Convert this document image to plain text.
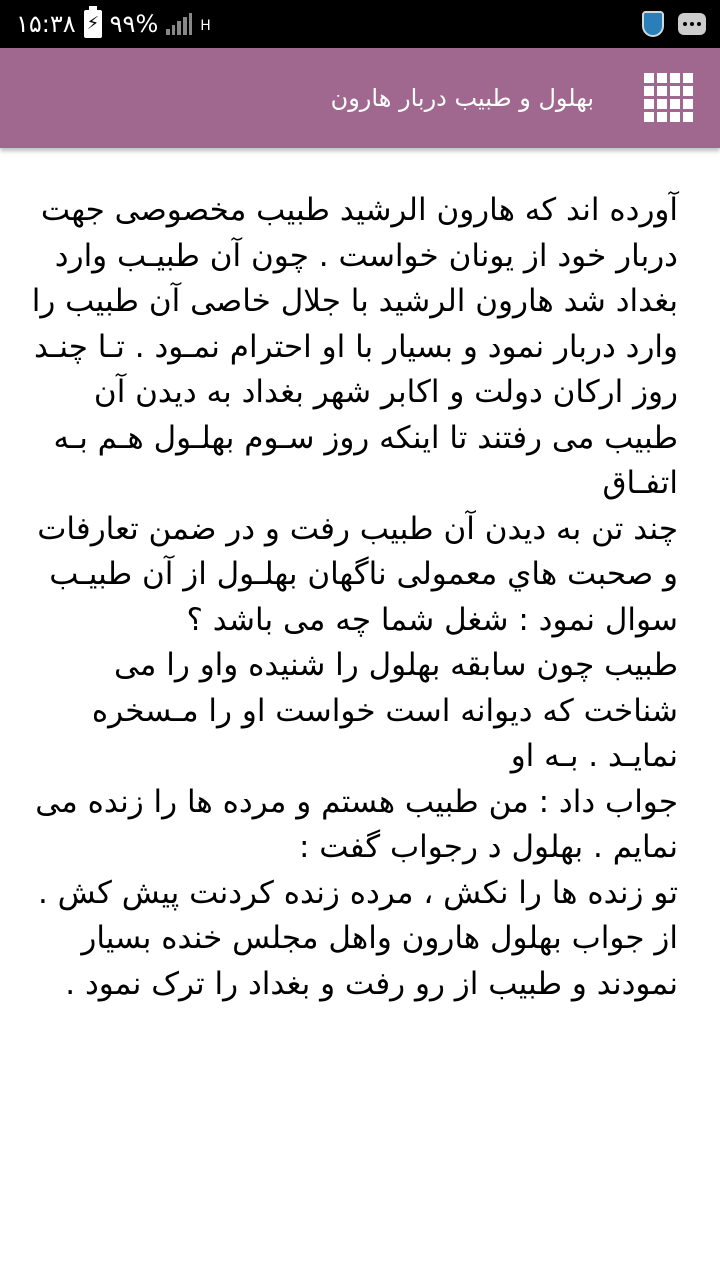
۱۵:۳۸ ⚡ ۹۹%	H
بهلول و طبیب دربار هارون

آورده اند که هارون الرشید طبیب مخصوصی جهت دربار خود از یونان خواست . چون آن طبیـب وارد

بغداد شد هارون الرشید با جلال خاصی آن طبیب را وارد دربار نمود و بسیار با او احترام نمـود . تـا چنـد

روز ارکان دولت و اکابر شهر بغداد به دیدن آن طبیب می رفتند تا اینکه روز سـوم بهلـول هـم بـه اتفـاق

چند تن به دیدن آن طبیب رفت و در ضمن تعارفات و صحبت هاي معمولی ناگهان بهلـول از آن طبیـب

سوال نمود : شغل شما چه می باشد ؟

طبیب چون سابقه بهلول را شنیده واو را می شناخت که دیوانه است خواست او را مـسخره نمایـد . بـه او

جواب داد : من طبیب هستم و مرده ها را زنده می نمایم . بهلول د رجواب گفت :

تو زنده ها را نکش ، مرده زنده کردنت پیش کش .

از جواب بهلول هارون واهل مجلس خنده بسیار نمودند و طبیب از رو رفت و بغداد را ترک نمود .
